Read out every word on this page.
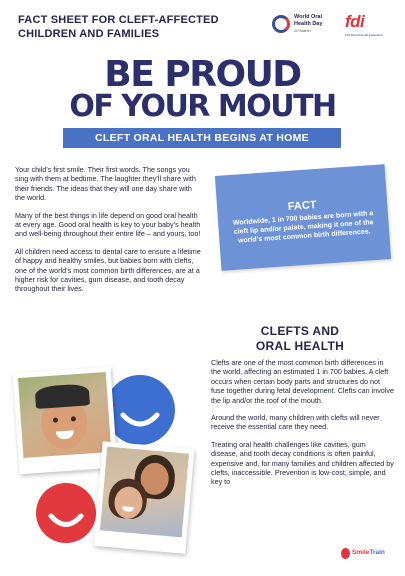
FACT SHEET FOR CLEFT-AFFECTED
CHILDREN AND FAMILIES
World Oral
Health Day
20 March fdi
FDI World Dental Federation
BE PROUD
OF YOUR MOUTH
CLEFT ORAL HEALTH BEGINS AT HOME

Your child’s first smile. Their first words. The songs you sing with them at bedtime. The laughter they’ll share with their friends. The ideas that they will one day share with the world.

Many of the best things in life depend on good oral health at every age. Good oral health is key to your baby’s health and well-being throughout their entire life – and yours, too!

All children need access to dental care to ensure a lifetime of happy and healthy smiles, but babies born with clefts, one of the world’s most common birth differences, are at a higher risk for cavities, gum disease, and tooth decay throughout their lives.

FACT
Worldwide, 1 in 700 babies are born with a cleft lip and/or palate, making it one of the world’s most common birth differences.
CLEFTS AND
ORAL HEALTH

Clefts are one of the most common birth differences in the world, affecting an estimated 1 in 700 babies. A cleft occurs when certain body parts and structures do not fuse together during fetal development. Clefts can involve the lip and/or the roof of the mouth.

Around the world, many children with clefts will never receive the essential care they need.

Treating oral health challenges like cavities, gum disease, and tooth decay conditions is often painful, expensive and, for many families and children affected by clefts, inaccessible. Prevention is low-cost, simple, and key to

SmileTrain
